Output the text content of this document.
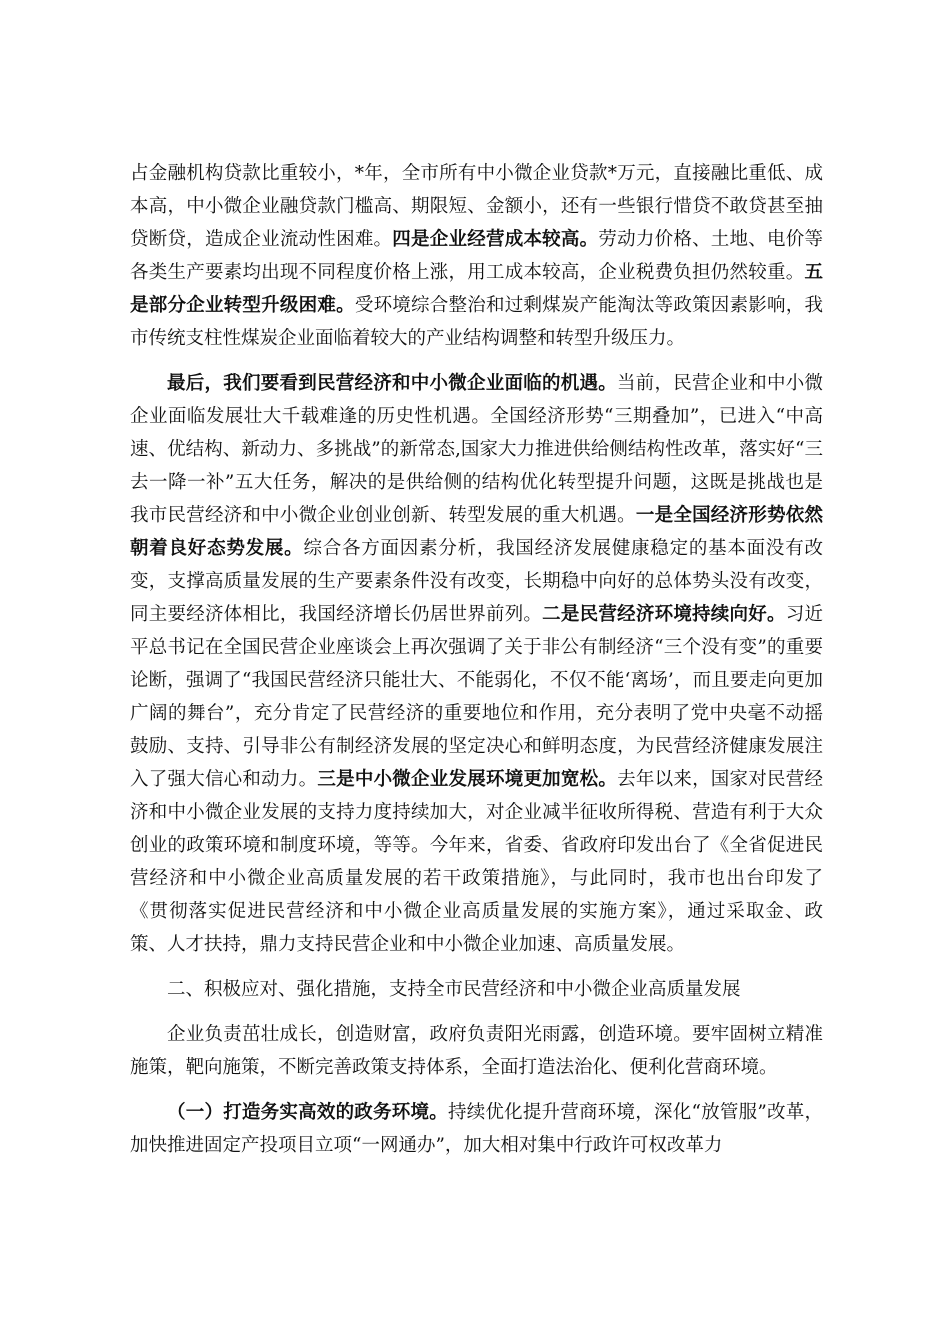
占金融机构贷款比重较小，*年，全市所有中小微企业贷款*万元，直接融比重低、成本高，中小微企业融贷款门槛高、期限短、金额小，还有一些银行惜贷不敢贷甚至抽贷断贷，造成企业流动性困难。四是企业经营成本较高。劳动力价格、土地、电价等各类生产要素均出现不同程度价格上涨，用工成本较高，企业税费负担仍然较重。五是部分企业转型升级困难。受环境综合整治和过剩煤炭产能淘汰等政策因素影响，我市传统支柱性煤炭企业面临着较大的产业结构调整和转型升级压力。

最后，我们要看到民营经济和中小微企业面临的机遇。当前，民营企业和中小微企业面临发展壮大千载难逢的历史性机遇。全国经济形势“三期叠加”，已进入“中高速、优结构、新动力、多挑战”的新常态,国家大力推进供给侧结构性改革，落实好“三去一降一补”五大任务，解决的是供给侧的结构优化转型提升问题，这既是挑战也是我市民营经济和中小微企业创业创新、转型发展的重大机遇。一是全国经济形势依然朝着良好态势发展。综合各方面因素分析，我国经济发展健康稳定的基本面没有改变，支撑高质量发展的生产要素条件没有改变，长期稳中向好的总体势头没有改变，同主要经济体相比，我国经济增长仍居世界前列。二是民营经济环境持续向好。习近平总书记在全国民营企业座谈会上再次强调了关于非公有制经济“三个没有变”的重要论断，强调了“我国民营经济只能壮大、不能弱化，不仅不能‘离场’，而且要走向更加广阔的舞台”，充分肯定了民营经济的重要地位和作用，充分表明了党中央毫不动摇鼓励、支持、引导非公有制经济发展的坚定决心和鲜明态度，为民营经济健康发展注入了强大信心和动力。三是中小微企业发展环境更加宽松。去年以来，国家对民营经济和中小微企业发展的支持力度持续加大，对企业减半征收所得税、营造有利于大众创业的政策环境和制度环境，等等。今年来，省委、省政府印发出台了《全省促进民营经济和中小微企业高质量发展的若干政策措施》，与此同时，我市也出台印发了《贯彻落实促进民营经济和中小微企业高质量发展的实施方案》，通过采取金、政策、人才扶持，鼎力支持民营企业和中小微企业加速、高质量发展。

二、积极应对、强化措施，支持全市民营经济和中小微企业高质量发展

企业负责茁壮成长，创造财富，政府负责阳光雨露，创造环境。要牢固树立精准施策，靶向施策，不断完善政策支持体系，全面打造法治化、便利化营商环境。

（一）打造务实高效的政务环境。持续优化提升营商环境，深化“放管服”改革，加快推进固定产投项目立项“一网通办”，加大相对集中行政许可权改革力
